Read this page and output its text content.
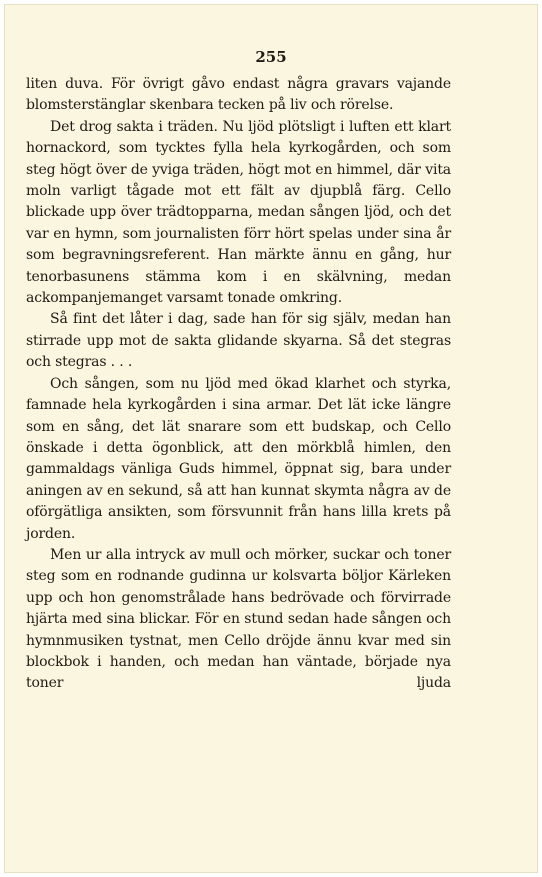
255

liten duva. För övrigt gåvo endast några gravars vajande blomsterstänglar skenbara tecken på liv och rörelse.

Det drog sakta i träden. Nu ljöd plötsligt i luften ett klart hornackord, som tycktes fylla hela kyrkogården, och som steg högt över de yviga träden, högt mot en himmel, där vita moln varligt tågade mot ett fält av djupblå färg. Cello blickade upp över trädtopparna, medan sången ljöd, och det var en hymn, som journalisten förr hört spelas under sina år som begravningsreferent. Han märkte ännu en gång, hur tenorbasunens stämma kom i en skälvning, medan ackompanjemanget varsamt tonade omkring.

Så fint det låter i dag, sade han för sig själv, medan han stirrade upp mot de sakta glidande skyarna. Så det stegras och stegras . . .

Och sången, som nu ljöd med ökad klarhet och styrka, famnade hela kyrkogården i sina armar. Det lät icke längre som en sång, det lät snarare som ett budskap, och Cello önskade i detta ögonblick, att den mörkblå himlen, den gammaldags vänliga Guds himmel, öppnat sig, bara under aningen av en sekund, så att han kunnat skymta några av de oförgätliga ansikten, som försvunnit från hans lilla krets på jorden.

Men ur alla intryck av mull och mörker, suckar och toner steg som en rodnande gudinna ur kolsvarta böljor Kärleken upp och hon genomstrålade hans bedrövade och förvirrade hjärta med sina blickar. För en stund sedan hade sången och hymnmusiken tystnat, men Cello dröjde ännu kvar med sin blockbok i handen, och medan han väntade, började nya toner ljuda
